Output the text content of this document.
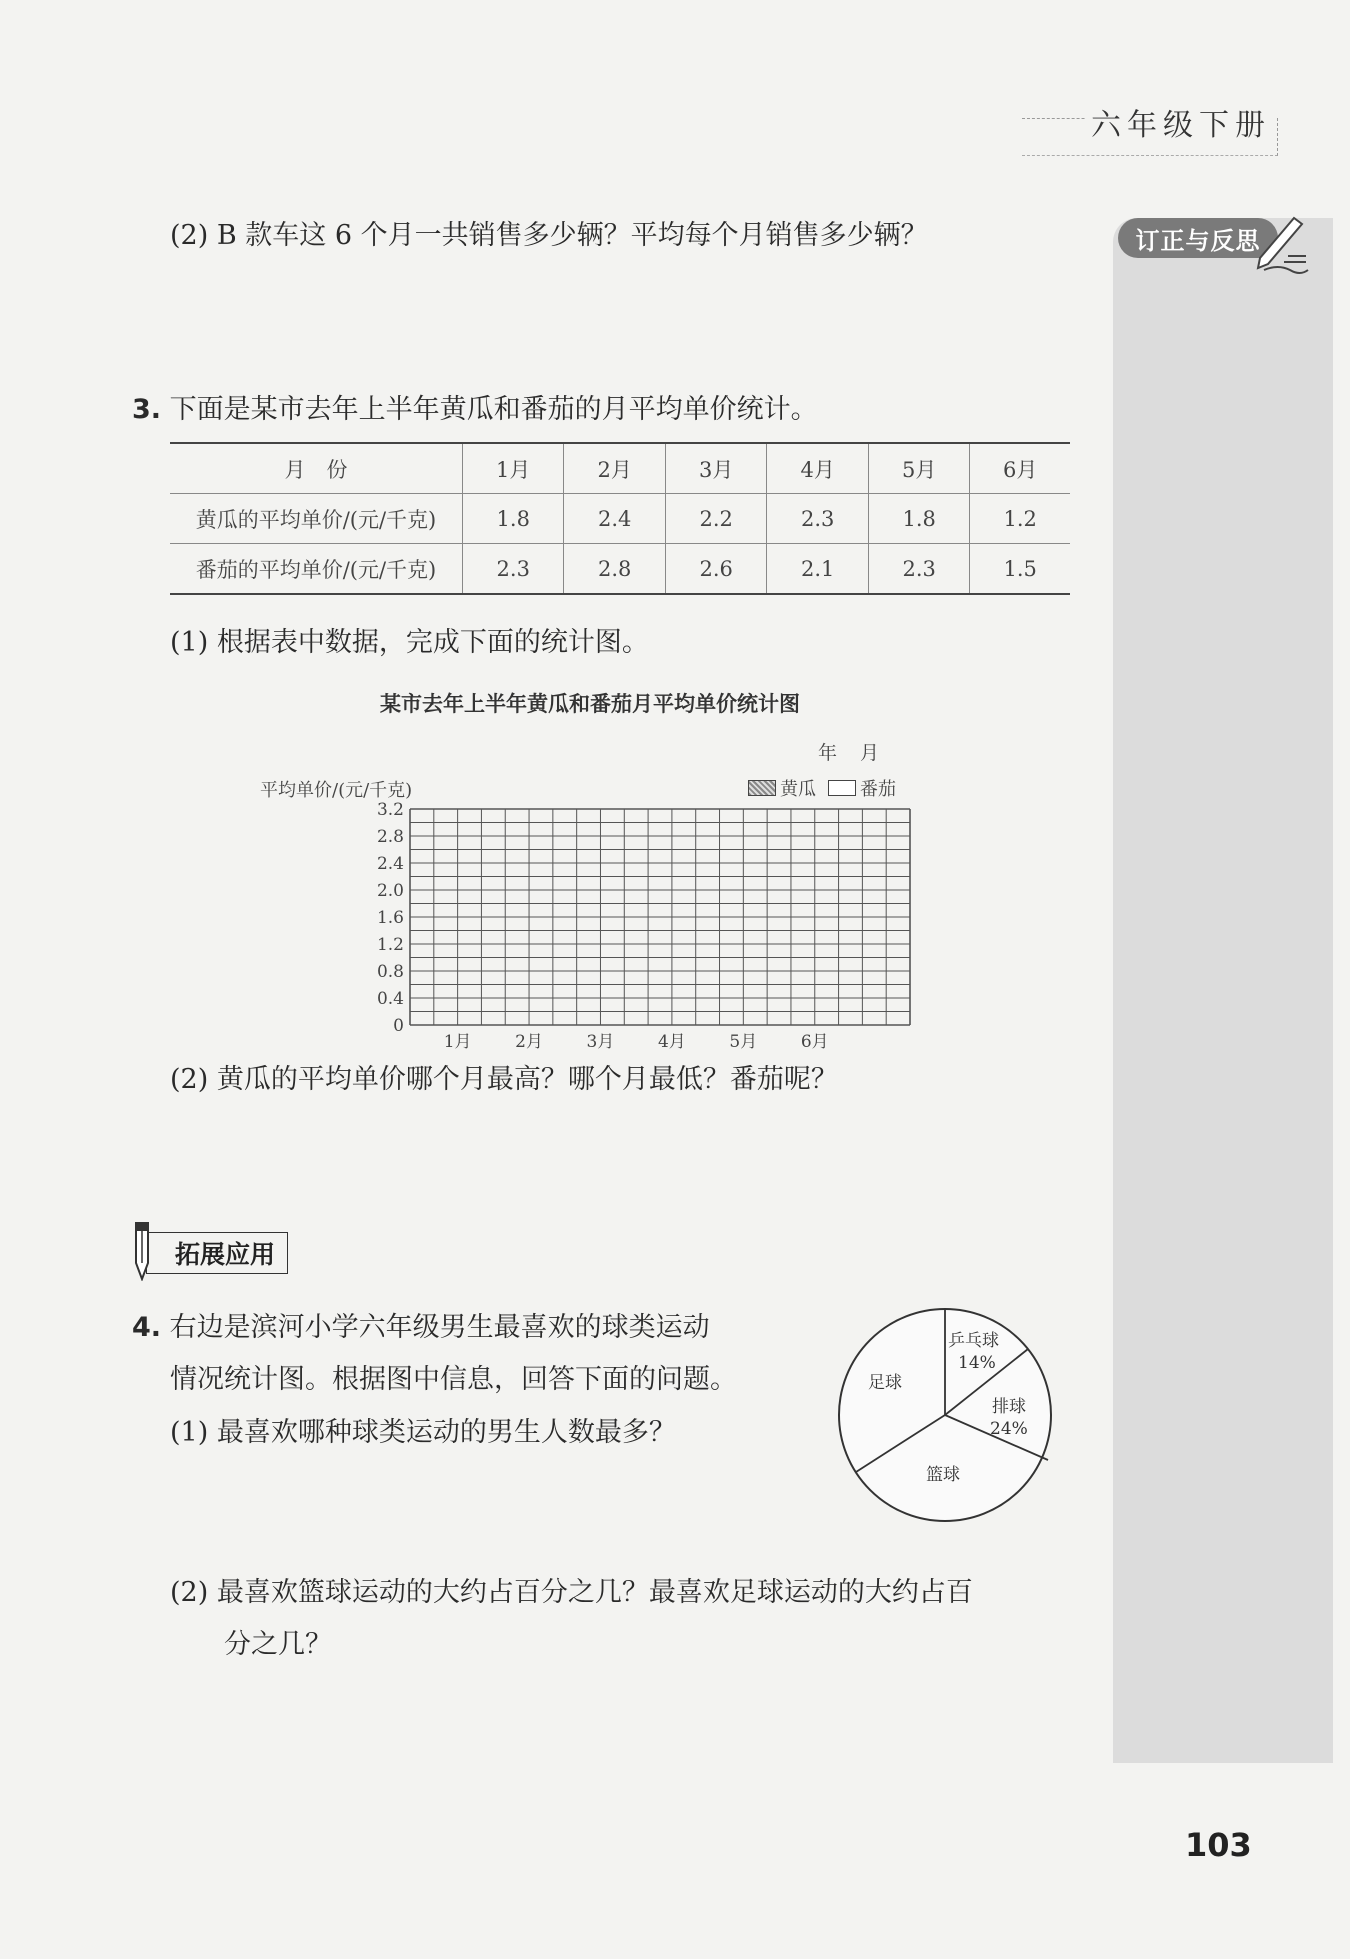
六年级下册
订正与反思
(2) B 款车这 6 个月一共销售多少辆？平均每个月销售多少辆？
3. 下面是某市去年上半年黄瓜和番茄的月平均单价统计。
月　份	1月	2月	3月	4月	5月	6月
黄瓜的平均单价/(元/千克)	1.8	2.4	2.2	2.3	1.8	1.2
番茄的平均单价/(元/千克)	2.3	2.8	2.6	2.1	2.3	1.5
(1) 根据表中数据，完成下面的统计图。
某市去年上半年黄瓜和番茄月平均单价统计图
年　月
平均单价/(元/千克)	黄瓜 番茄
0
0.4
0.8
1.2
1.6
2.0
2.4
2.8
3.2
1月	2月	3月	4月	5月	6月
(2) 黄瓜的平均单价哪个月最高？哪个月最低？番茄呢？
拓展应用
4. 右边是滨河小学六年级男生最喜欢的球类运动
情况统计图。根据图中信息，回答下面的问题。
(1) 最喜欢哪种球类运动的男生人数最多？
足球
乒乓球
14%
排球
24%
篮球
(2) 最喜欢篮球运动的大约占百分之几？最喜欢足球运动的大约占百
分之几？
103
